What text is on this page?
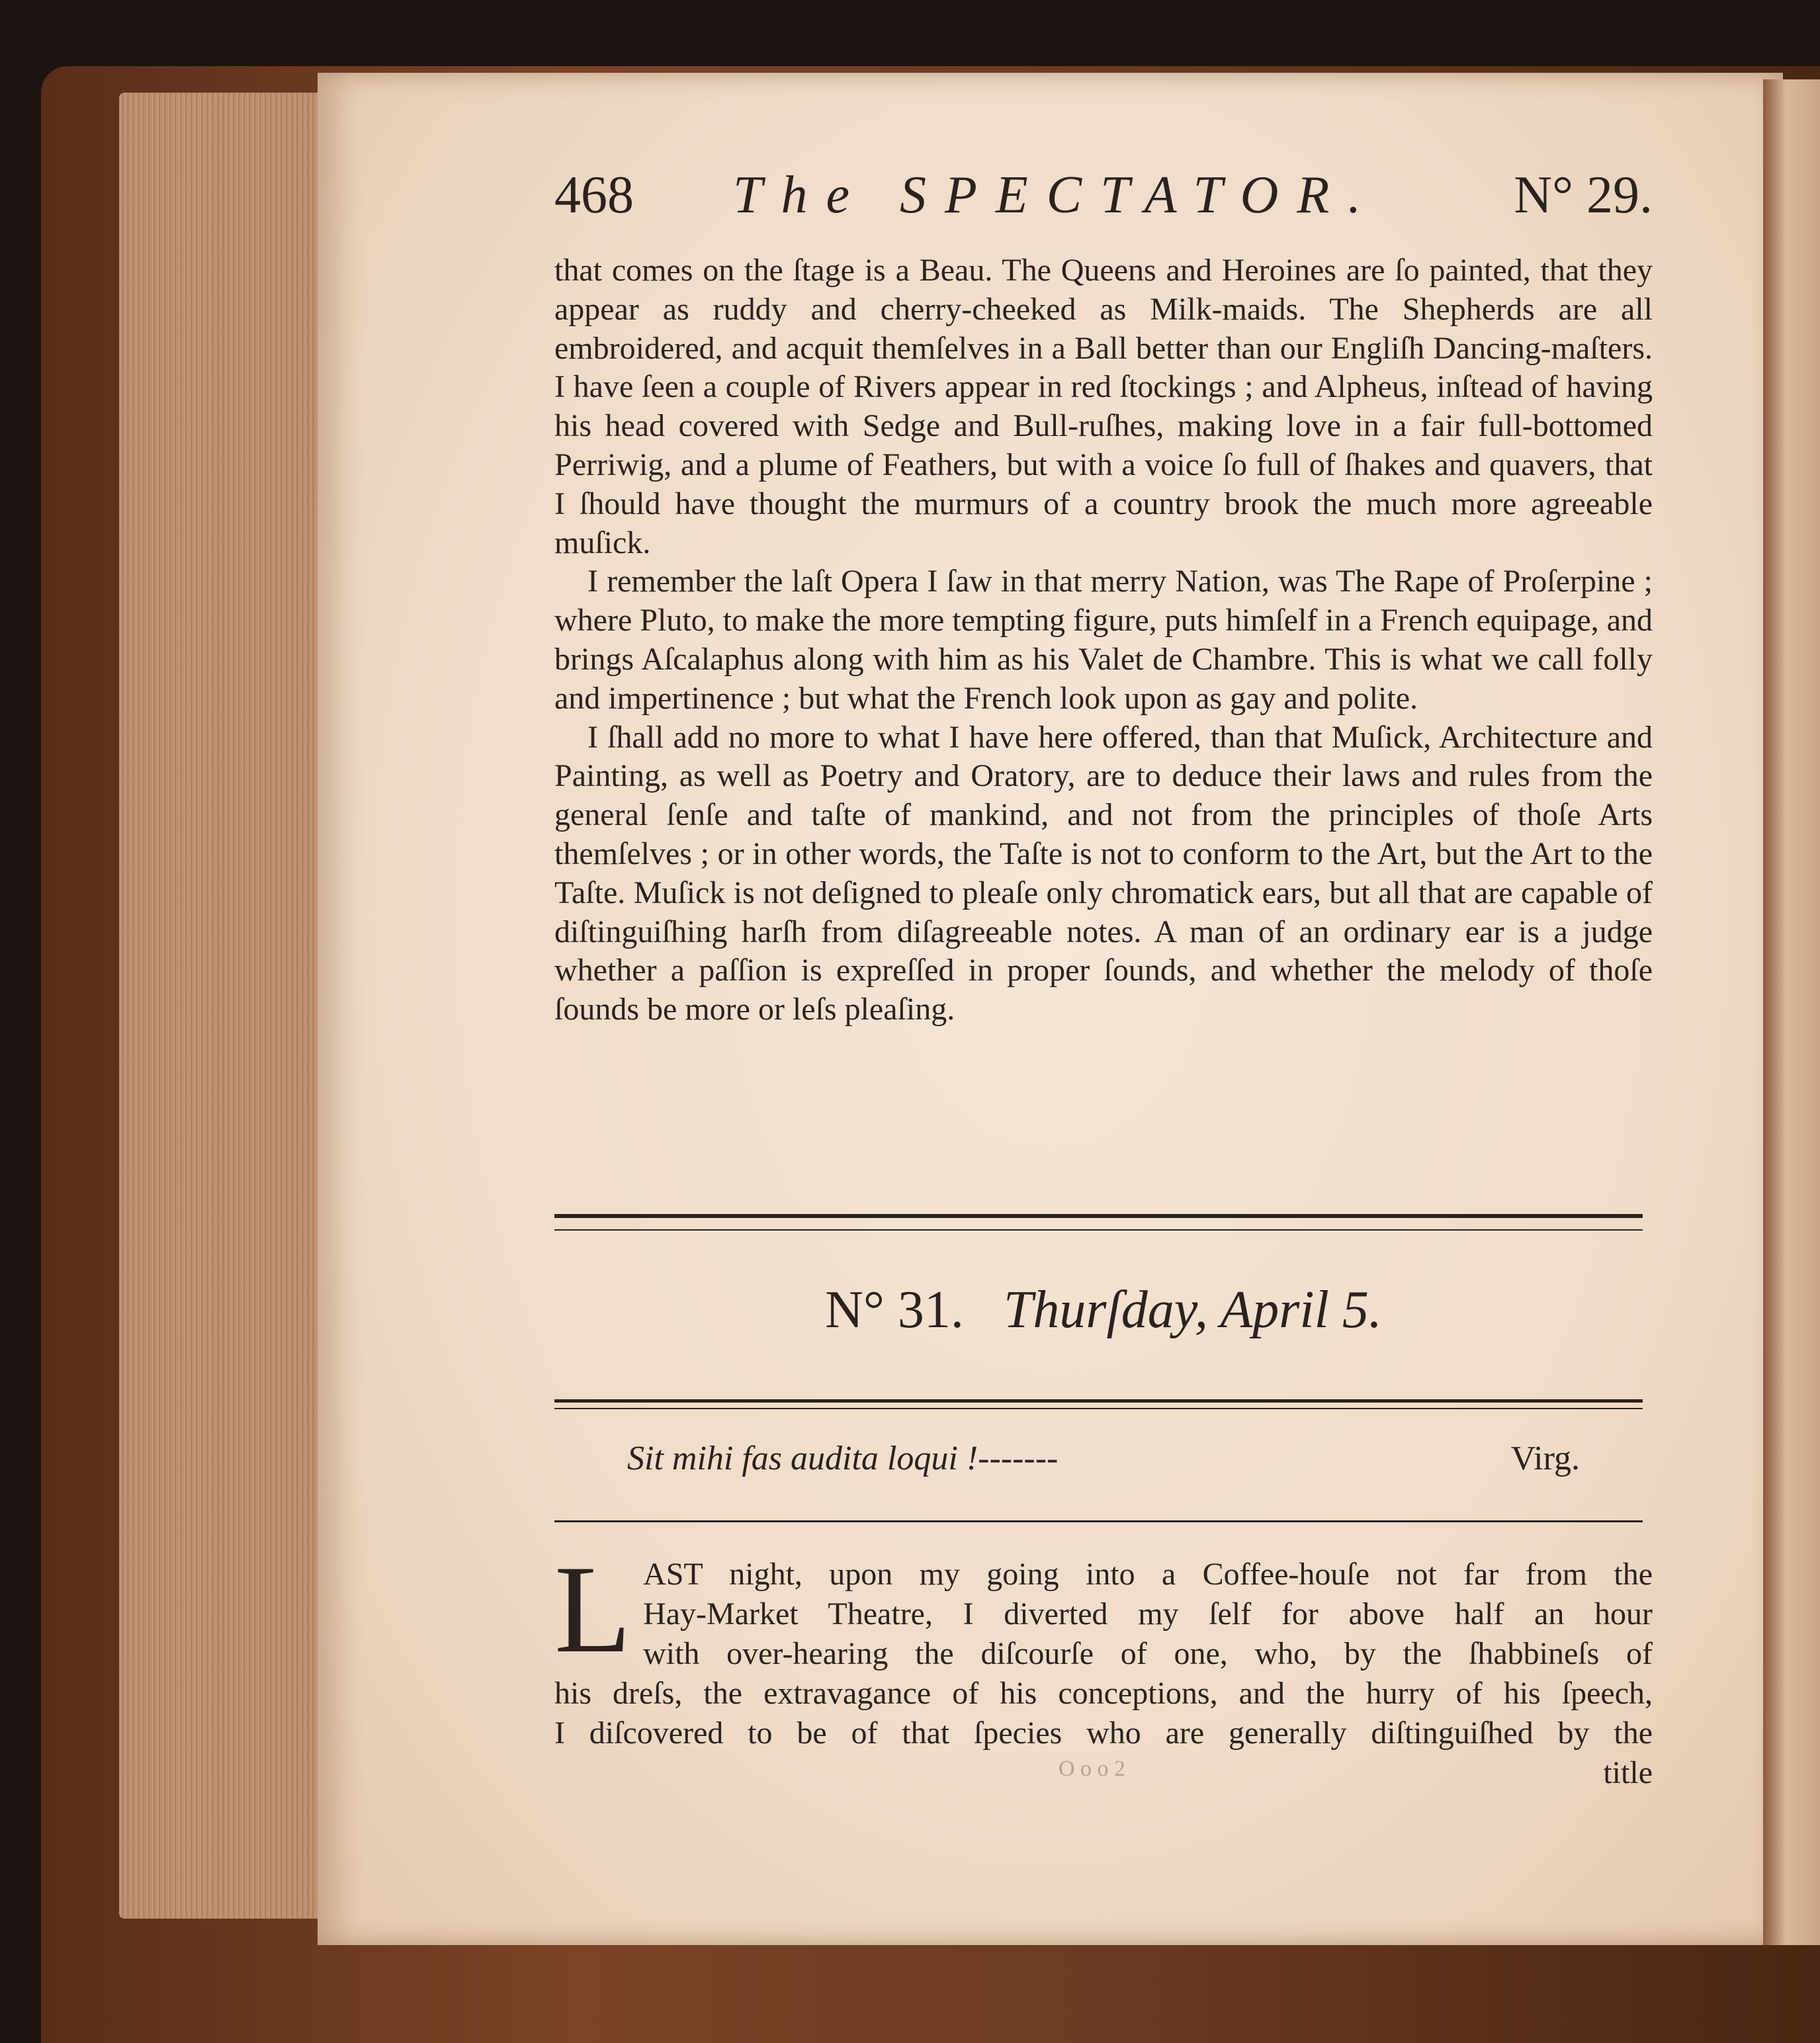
468 The SPECTATOR.	N° 29.

that comes on the ſtage is a Beau. The Queens and Heroines are ſo painted, that they appear as ruddy and cherry-cheeked as Milk-maids. The Shepherds are all embroidered, and acquit themſelves in a Ball better than our Engliſh Dancing-maſters. I have ſeen a couple of Rivers appear in red ſtockings ; and Alpheus, inſtead of having his head covered with Sedge and Bull-ruſhes, making love in a fair full-bottomed Perriwig, and a plume of Feathers, but with a voice ſo full of ſhakes and quavers, that I ſhould have thought the murmurs of a country brook the much more agreeable muſick.

I remember the laſt Opera I ſaw in that merry Nation, was The Rape of Proſerpine ; where Pluto, to make the more tempting figure, puts himſelf in a French equipage, and brings Aſcalaphus along with him as his Valet de Chambre. This is what we call folly and impertinence ; but what the French look upon as gay and polite.

I ſhall add no more to what I have here offered, than that Muſick, Architecture and Painting, as well as Poetry and Oratory, are to deduce their laws and rules from the general ſenſe and taſte of mankind, and not from the principles of thoſe Arts themſelves ; or in other words, the Taſte is not to conform to the Art, but the Art to the Taſte. Muſick is not deſigned to pleaſe only chromatick ears, but all that are capable of diſtinguiſhing harſh from diſagreeable notes. A man of an ordinary ear is a judge whether a paſſion is expreſſed in proper ſounds, and whether the melody of thoſe ſounds be more or leſs pleaſing.

N° 31. Thurſday, April 5.
Sit mihi fas audita loqui !-------	Virg.
L AST night, upon my going into a Coffee-houſe not far from the
Hay-Market Theatre, I diverted my ſelf for above half an hour
with over-hearing the diſcourſe of one, who, by the ſhabbineſs of
his dreſs, the extravagance of his conceptions, and the hurry of his ſpeech,
I diſcovered to be of that ſpecies who are generally diſtinguiſhed by the
title
O o o 2
